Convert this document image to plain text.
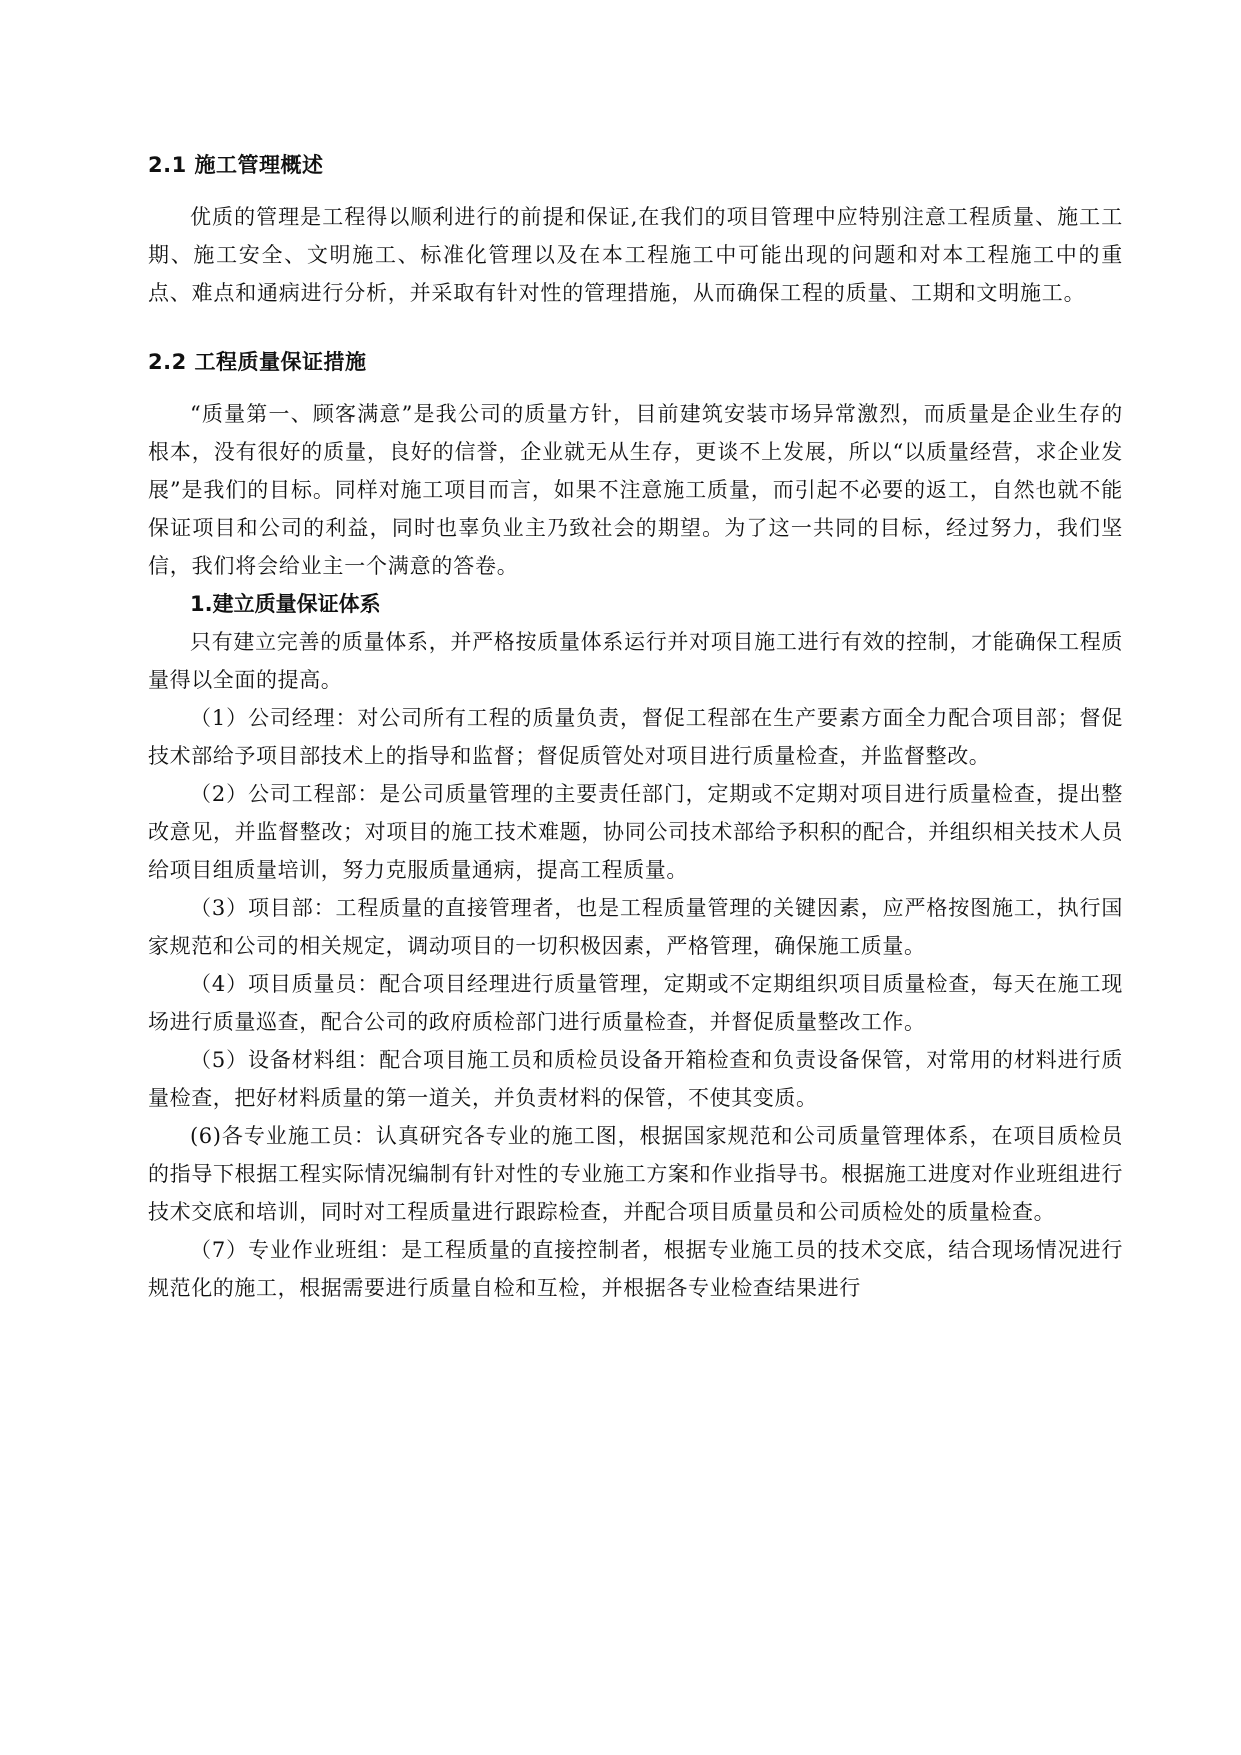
2.1 施工管理概述

优质的管理是工程得以顺利进行的前提和保证,在我们的项目管理中应特别注意工程质量、施工工期、施工安全、文明施工、标准化管理以及在本工程施工中可能出现的问题和对本工程施工中的重点、难点和通病进行分析，并采取有针对性的管理措施，从而确保工程的质量、工期和文明施工。

2.2 工程质量保证措施

“质量第一、顾客满意”是我公司的质量方针，目前建筑安装市场异常激烈，而质量是企业生存的根本，没有很好的质量，良好的信誉，企业就无从生存，更谈不上发展，所以“以质量经营，求企业发展”是我们的目标。同样对施工项目而言，如果不注意施工质量，而引起不必要的返工，自然也就不能保证项目和公司的利益，同时也辜负业主乃致社会的期望。为了这一共同的目标，经过努力，我们坚信，我们将会给业主一个满意的答卷。

1.建立质量保证体系

只有建立完善的质量体系，并严格按质量体系运行并对项目施工进行有效的控制，才能确保工程质量得以全面的提高。

（1）公司经理：对公司所有工程的质量负责，督促工程部在生产要素方面全力配合项目部；督促技术部给予项目部技术上的指导和监督；督促质管处对项目进行质量检查，并监督整改。

（2）公司工程部：是公司质量管理的主要责任部门，定期或不定期对项目进行质量检查，提出整改意见，并监督整改；对项目的施工技术难题，协同公司技术部给予积积的配合，并组织相关技术人员给项目组质量培训，努力克服质量通病，提高工程质量。

（3）项目部：工程质量的直接管理者，也是工程质量管理的关键因素，应严格按图施工，执行国家规范和公司的相关规定，调动项目的一切积极因素，严格管理，确保施工质量。

（4）项目质量员：配合项目经理进行质量管理，定期或不定期组织项目质量检查，每天在施工现场进行质量巡查，配合公司的政府质检部门进行质量检查，并督促质量整改工作。

（5）设备材料组：配合项目施工员和质检员设备开箱检查和负责设备保管，对常用的材料进行质量检查，把好材料质量的第一道关，并负责材料的保管，不使其变质。

(6)各专业施工员：认真研究各专业的施工图，根据国家规范和公司质量管理体系，在项目质检员的指导下根据工程实际情况编制有针对性的专业施工方案和作业指导书。根据施工进度对作业班组进行技术交底和培训，同时对工程质量进行跟踪检查，并配合项目质量员和公司质检处的质量检查。

（7）专业作业班组：是工程质量的直接控制者，根据专业施工员的技术交底，结合现场情况进行规范化的施工，根据需要进行质量自检和互检，并根据各专业检查结果进行
